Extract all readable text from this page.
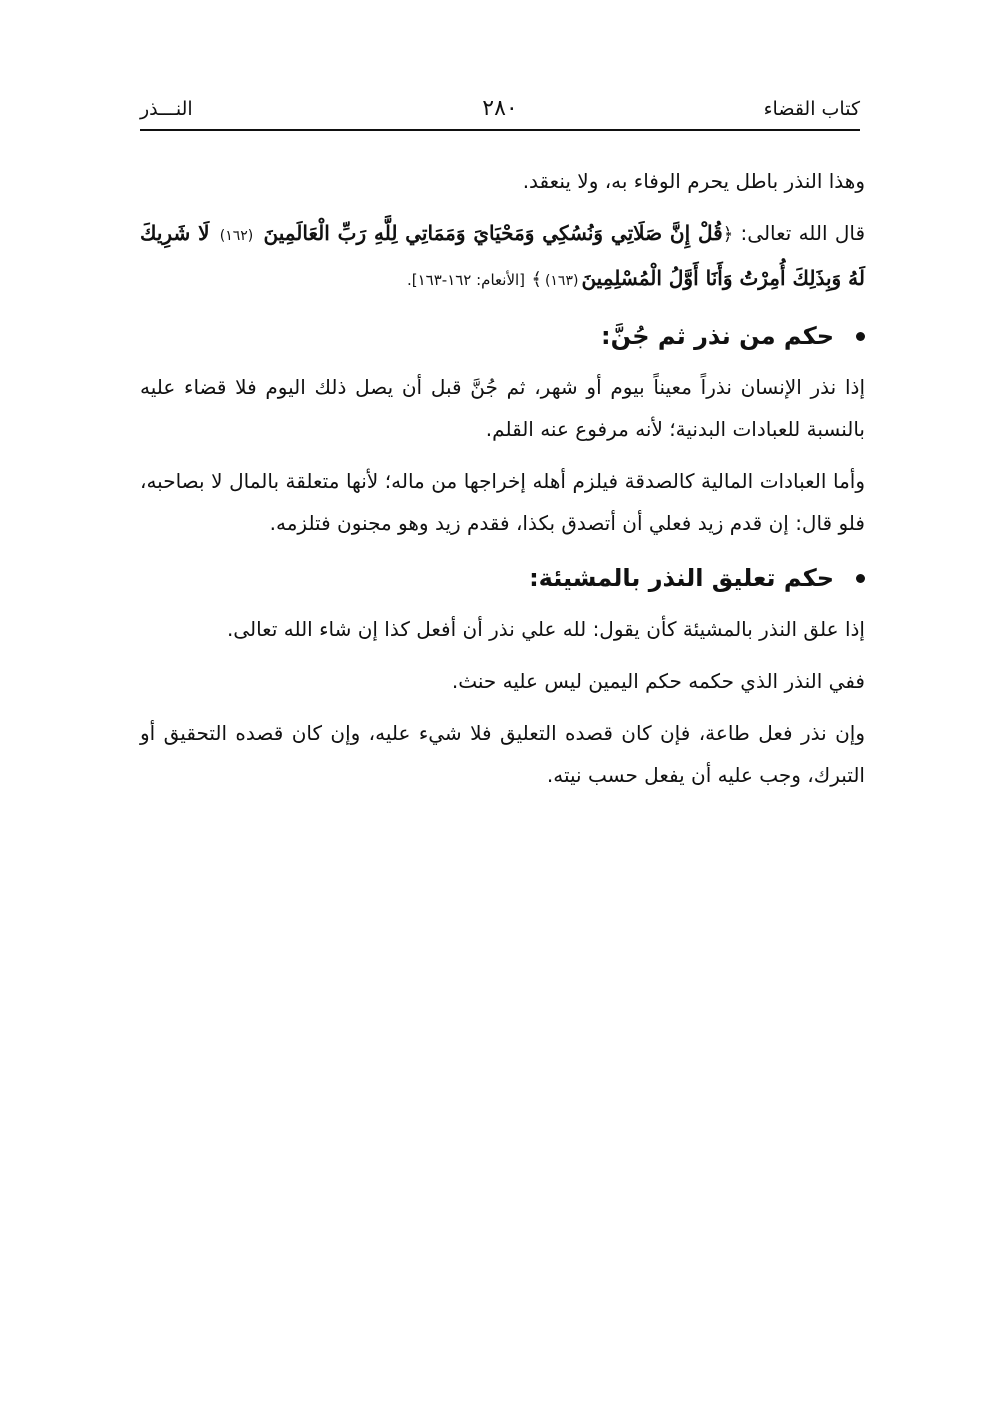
كتاب القضاء
٢٨٠
النـــذر

وهذا النذر باطل يحرم الوفاء به، ولا ينعقد.

قال الله تعالى: ﴿قُلْ إِنَّ صَلَاتِي وَنُسُكِي وَمَحْيَايَ وَمَمَاتِي لِلَّهِ رَبِّ الْعَالَمِينَ (١٦٢) لَا شَرِيكَ لَهُ وَبِذَلِكَ أُمِرْتُ وَأَنَا أَوَّلُ الْمُسْلِمِينَ(١٦٣)﴾ [الأنعام: ١٦٢-١٦٣].

حكم من نذر ثم جُنَّ:

إذا نذر الإنسان نذراً معيناً بيوم أو شهر، ثم جُنَّ قبل أن يصل ذلك اليوم فلا قضاء عليه بالنسبة للعبادات البدنية؛ لأنه مرفوع عنه القلم.

وأما العبادات المالية كالصدقة فيلزم أهله إخراجها من ماله؛ لأنها متعلقة بالمال لا بصاحبه، فلو قال: إن قدم زيد فعلي أن أتصدق بكذا، فقدم زيد وهو مجنون فتلزمه.

حكم تعليق النذر بالمشيئة:

إذا علق النذر بالمشيئة كأن يقول: لله علي نذر أن أفعل كذا إن شاء الله تعالى.

ففي النذر الذي حكمه حكم اليمين ليس عليه حنث.

وإن نذر فعل طاعة، فإن كان قصده التعليق فلا شيء عليه، وإن كان قصده التحقيق أو التبرك، وجب عليه أن يفعل حسب نيته.
